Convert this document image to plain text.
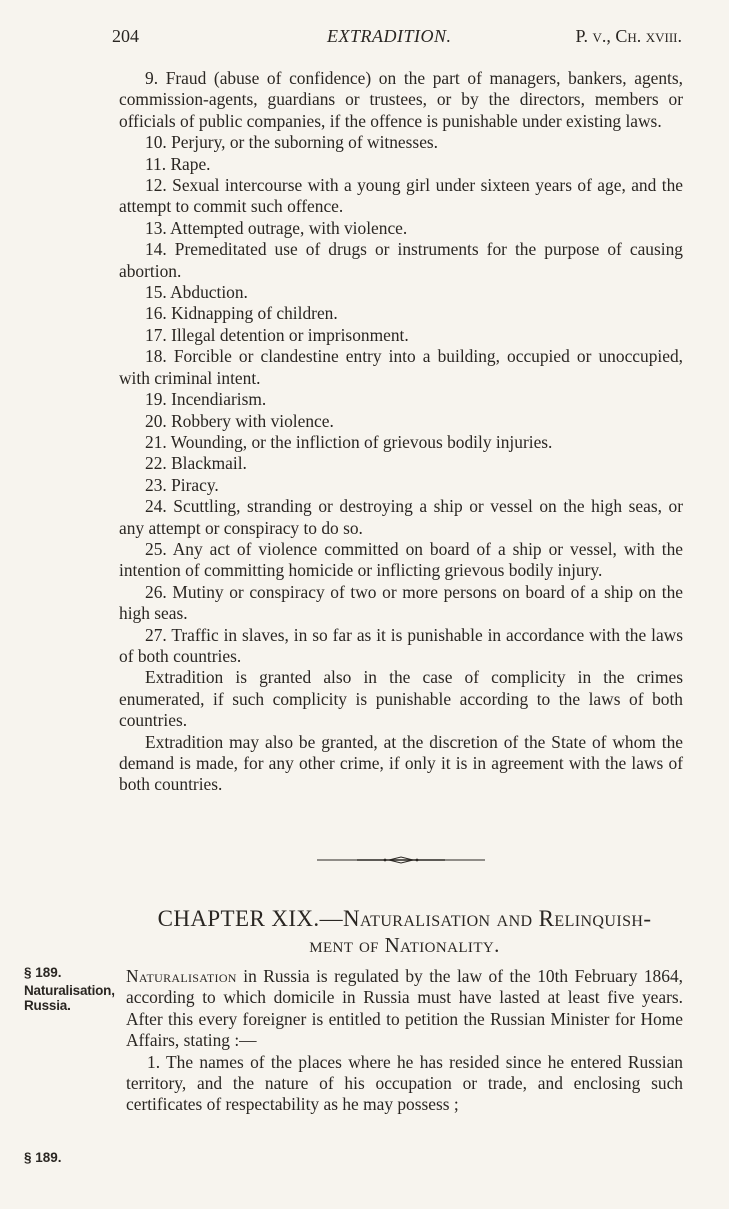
204	EXTRADITION.	P. v., Ch. xviii.

9. Fraud (abuse of confidence) on the part of managers, bankers, agents, commission-agents, guardians or trustees, or by the directors, members or officials of public companies, if the offence is punishable under existing laws.

10. Perjury, or the suborning of witnesses.

11. Rape.

12. Sexual intercourse with a young girl under sixteen years of age, and the attempt to commit such offence.

13. Attempted outrage, with violence.

14. Premeditated use of drugs or instruments for the purpose of causing abortion.

15. Abduction.

16. Kidnapping of children.

17. Illegal detention or imprisonment.

18. Forcible or clandestine entry into a building, occupied or unoccupied, with criminal intent.

19. Incendiarism.

20. Robbery with violence.

21. Wounding, or the infliction of grievous bodily injuries.

22. Blackmail.

23. Piracy.

24. Scuttling, stranding or destroying a ship or vessel on the high seas, or any attempt or conspiracy to do so.

25. Any act of violence committed on board of a ship or vessel, with the intention of committing homicide or inflicting grievous bodily injury.

26. Mutiny or conspiracy of two or more persons on board of a ship on the high seas.

27. Traffic in slaves, in so far as it is punishable in accordance with the laws of both countries.

Extradition is granted also in the case of complicity in the crimes enumerated, if such complicity is punishable according to the laws of both countries.

Extradition may also be granted, at the discretion of the State of whom the demand is made, for any other crime, if only it is in agreement with the laws of both countries.

CHAPTER XIX.—Naturalisation and Relinquish-
ment of Nationality.
§ 189.
Naturalisation, Russia.
§ 189.

Naturalisation in Russia is regulated by the law of the 10th February 1864, according to which domicile in Russia must have lasted at least five years. After this every foreigner is entitled to petition the Russian Minister for Home Affairs, stating :—

1. The names of the places where he has resided since he entered Russian territory, and the nature of his occupation or trade, and enclosing such certificates of respectability as he may possess ;
